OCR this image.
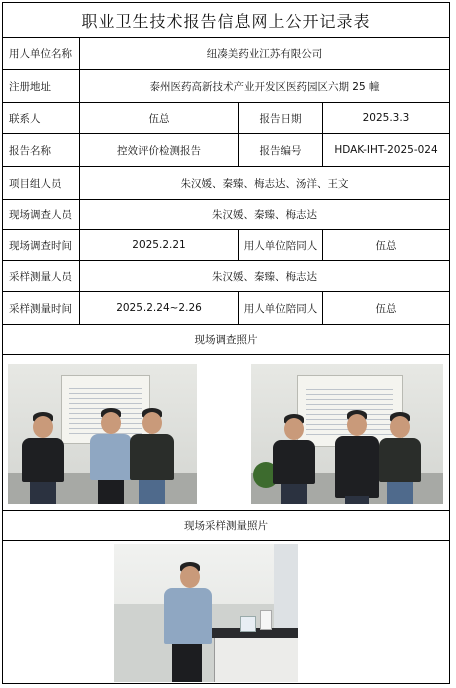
职业卫生技术报告信息网上公开记录表
用人单位名称	纽凑美药业江苏有限公司
注册地址	泰州医药高新技术产业开发区医药园区六期 25 幢
联系人	伍总	报告日期	2025.3.3
报告名称	控效评价检测报告	报告编号	HDAK-IHT-2025-024
项目组人员	朱汉媛、秦臻、梅志达、汤洋、王文
现场调查人员	朱汉媛、秦臻、梅志达
现场调查时间	2025.2.21	用人单位陪同人	伍总
采样测量人员	朱汉媛、秦臻、梅志达
采样测量时间	2025.2.24~2.26	用人单位陪同人	伍总
现场调查照片
现场采样测量照片
